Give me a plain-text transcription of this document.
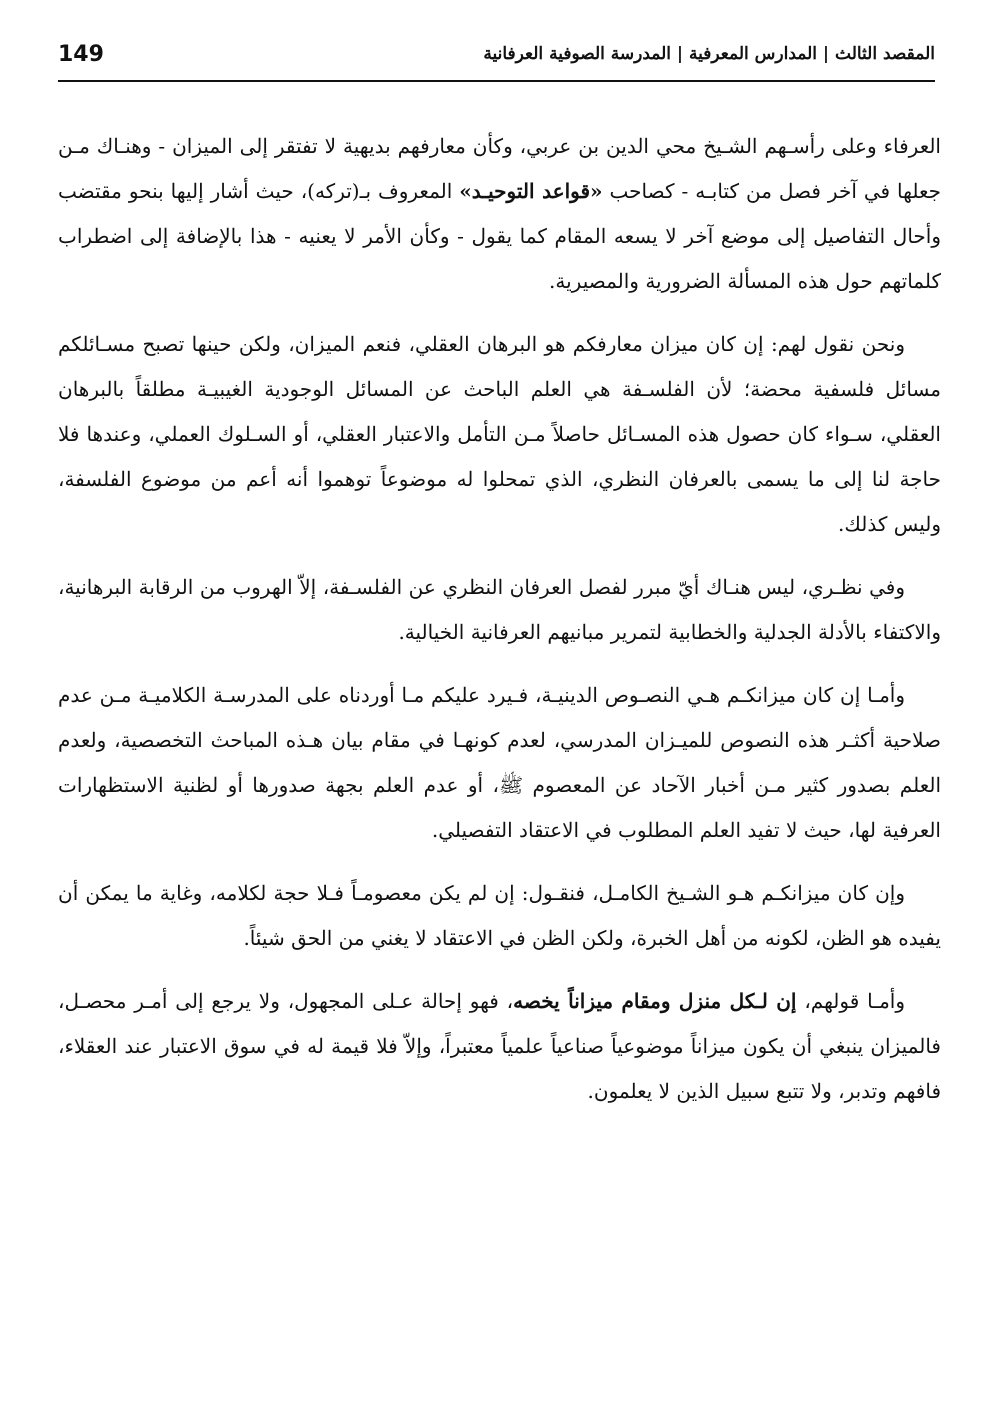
149	المقصد الثالث | المدارس المعرفية | المدرسة الصوفية العرفانية

العرفاء وعلى رأسـهم الشـيخ محي الدين بن عربي، وكأن معارفهم بديهية لا تفتقر إلى الميزان - وهنـاك مـن جعلها في آخر فصل من كتابـه - كصاحب «قواعد التوحيـد» المعروف بـ(تركه)، حيث أشار إليها بنحو مقتضب وأحال التفاصيل إلى موضع آخر لا يسعه المقام كما يقول - وكأن الأمر لا يعنيه - هذا بالإضافة إلى اضطراب كلماتهم حول هذه المسألة الضرورية والمصيرية.

ونحن نقول لهم: إن كان ميزان معارفكم هو البرهان العقلي، فنعم الميزان، ولكن حينها تصبح مسـائلكم مسائل فلسفية محضة؛ لأن الفلسـفة هي العلم الباحث عن المسائل الوجودية الغيبيـة مطلقاً بالبرهان العقلي، سـواء كان حصول هذه المسـائل حاصلاً مـن التأمل والاعتبار العقلي، أو السـلوك العملي، وعندها فلا حاجة لنا إلى ما يسمى بالعرفان النظري، الذي تمحلوا له موضوعاً توهموا أنه أعم من موضوع الفلسفة، وليس كذلك.

وفي نظـري، ليس هنـاك أيّ مبرر لفصل العرفان النظري عن الفلسـفة، إلاّ الهروب من الرقابة البرهانية، والاكتفاء بالأدلة الجدلية والخطابية لتمرير مبانيهم العرفانية الخيالية.

وأمـا إن كان ميزانكـم هـي النصـوص الدينيـة، فـيرد عليكم مـا أوردناه على المدرسـة الكلاميـة مـن عدم صلاحية أكثـر هذه النصوص للميـزان المدرسي، لعدم كونهـا في مقام بيان هـذه المباحث التخصصية، ولعدم العلم بصدور كثير مـن أخبار الآحاد عن المعصوم ﷺ، أو عدم العلم بجهة صدورها أو لظنية الاستظهارات العرفية لها، حيث لا تفيد العلم المطلوب في الاعتقاد التفصيلي.

وإن كان ميزانكـم هـو الشـيخ الكامـل، فنقـول: إن لم يكن معصومـاً فـلا حجة لكلامه، وغاية ما يمكن أن يفيده هو الظن، لكونه من أهل الخبرة، ولكن الظن في الاعتقاد لا يغني من الحق شيئاً.

وأمـا قولهم، إن لـكل منزل ومقام ميزاناً يخصه، فهو إحالة عـلى المجهول، ولا يرجع إلى أمـر محصـل، فالميزان ينبغي أن يكون ميزاناً موضوعياً صناعياً علمياً معتبراً، وإلاّ فلا قيمة له في سوق الاعتبار عند العقلاء، فافهم وتدبر، ولا تتبع سبيل الذين لا يعلمون.
